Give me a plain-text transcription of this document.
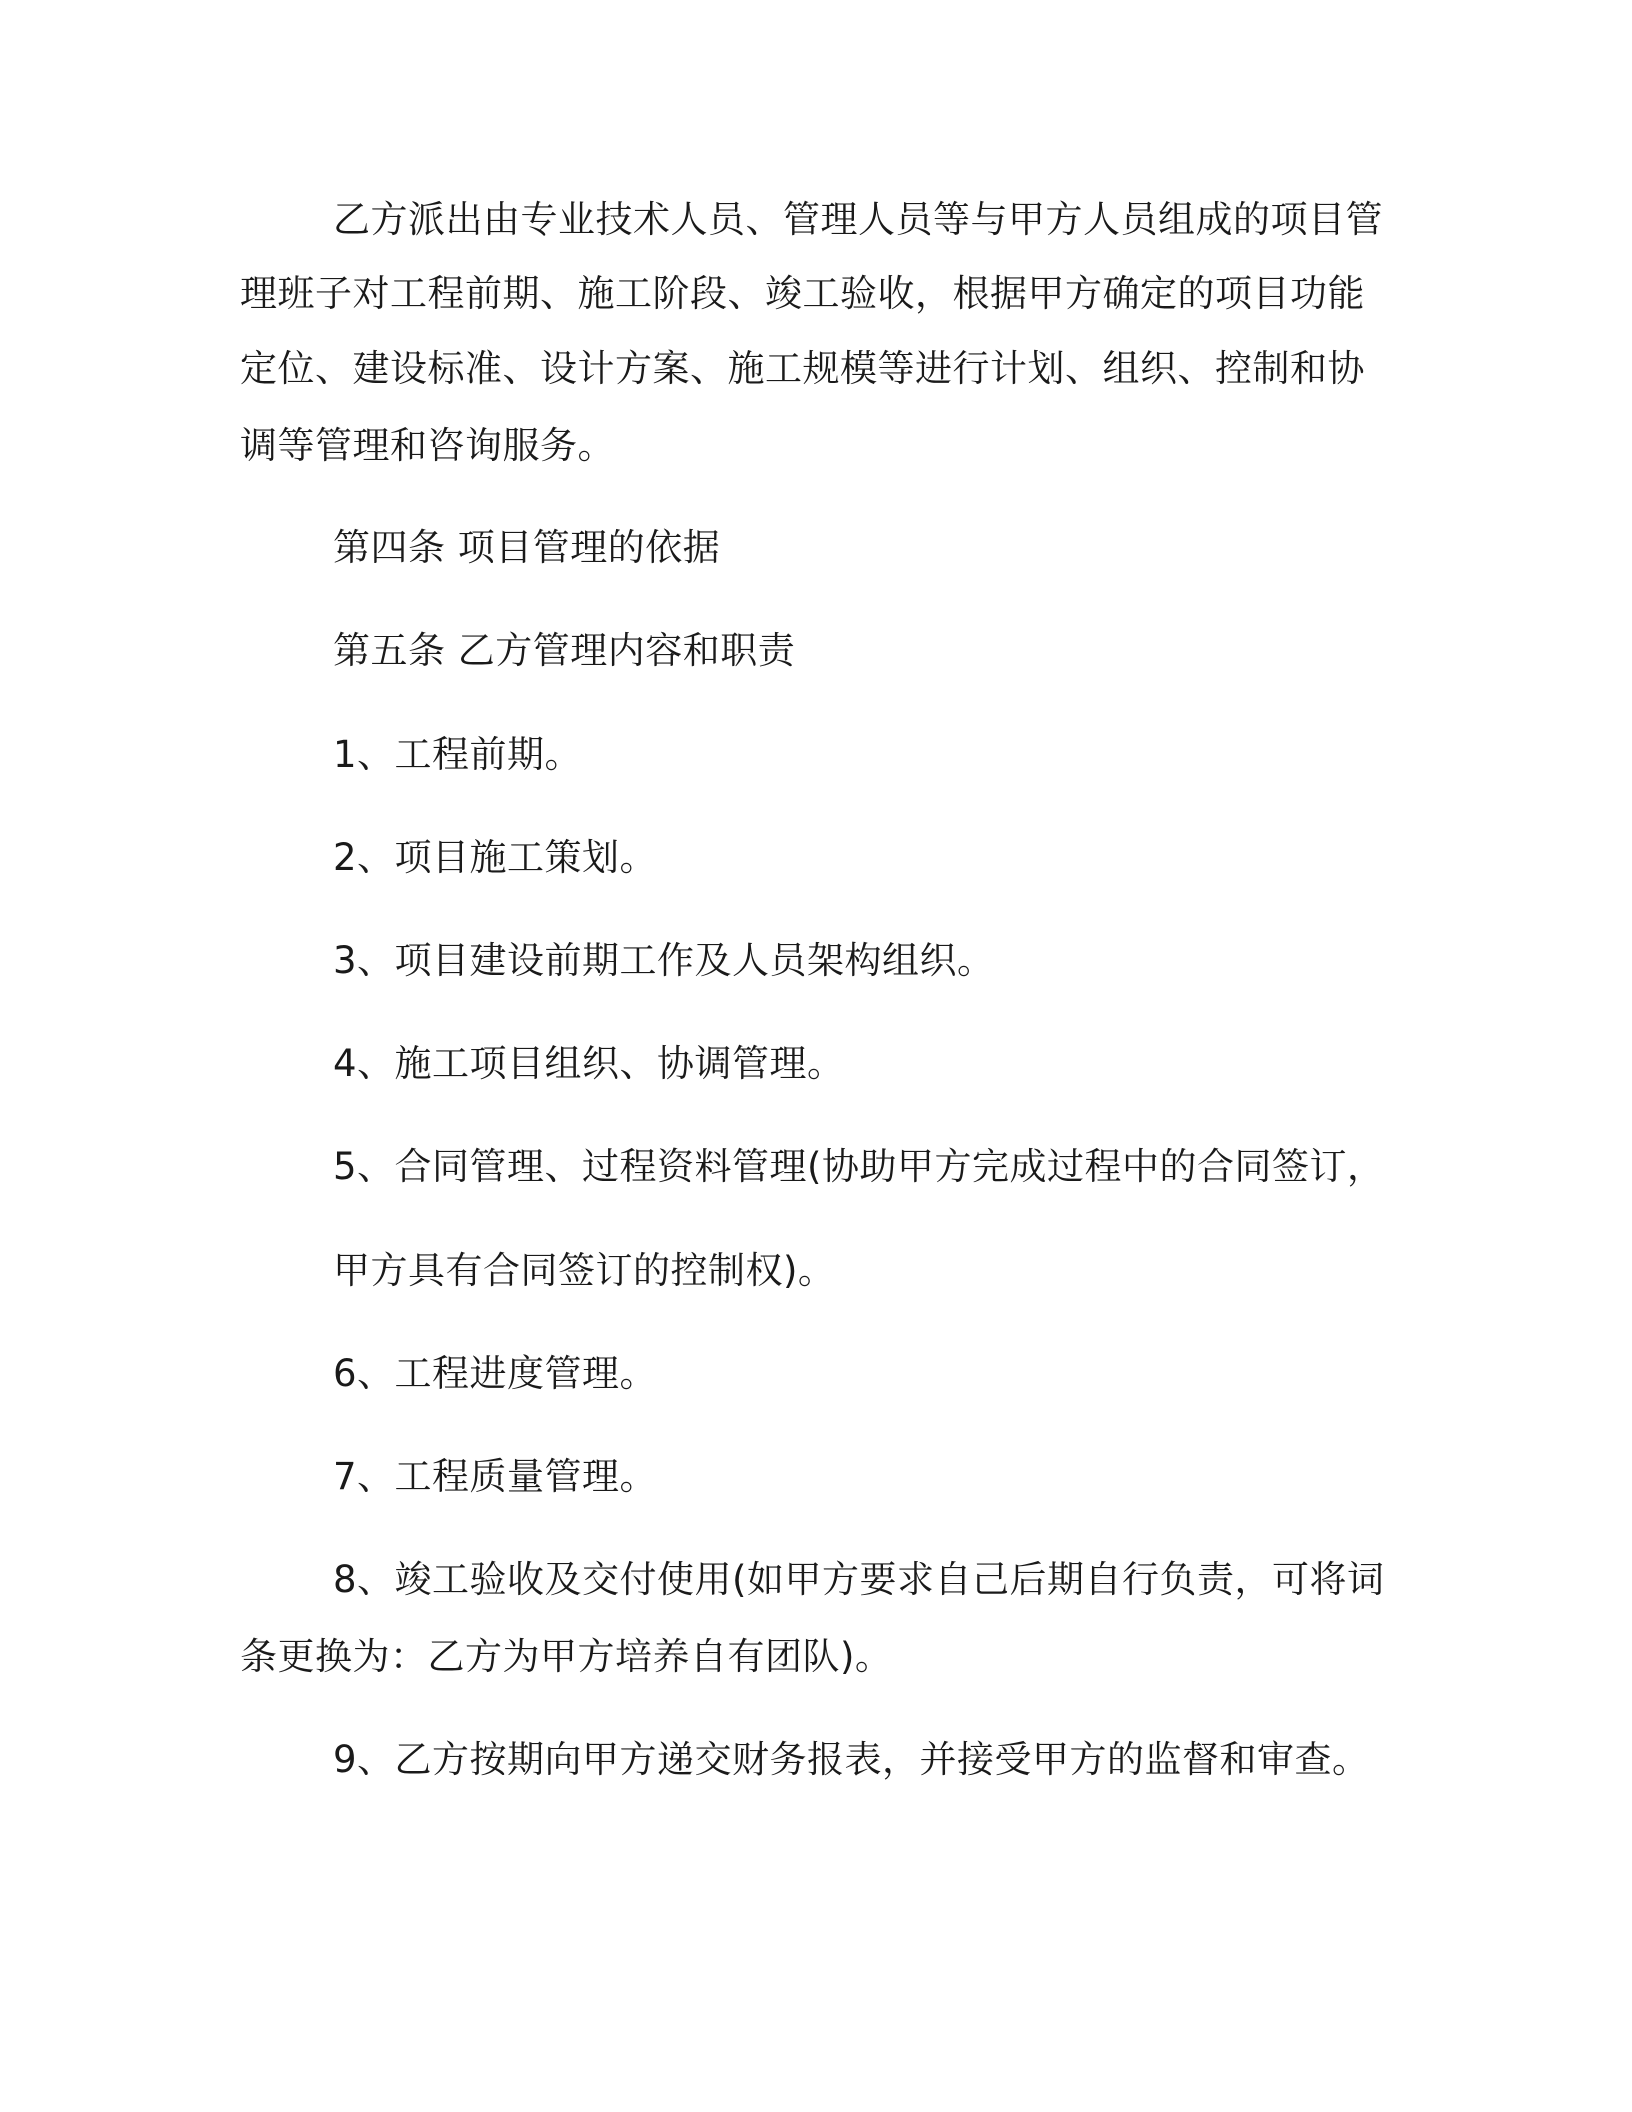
乙方派出由专业技术人员、管理人员等与甲方人员组成的项目管
理班子对工程前期、施工阶段、竣工验收，根据甲方确定的项目功能
定位、建设标准、设计方案、施工规模等进行计划、组织、控制和协
调等管理和咨询服务。
第四条 项目管理的依据
第五条 乙方管理内容和职责
1、工程前期。
2、项目施工策划。
3、项目建设前期工作及人员架构组织。
4、施工项目组织、协调管理。
5、合同管理、过程资料管理(协助甲方完成过程中的合同签订，
甲方具有合同签订的控制权)。
6、工程进度管理。
7、工程质量管理。
8、竣工验收及交付使用(如甲方要求自己后期自行负责，可将词
条更换为：乙方为甲方培养自有团队)。
9、乙方按期向甲方递交财务报表，并接受甲方的监督和审查。
